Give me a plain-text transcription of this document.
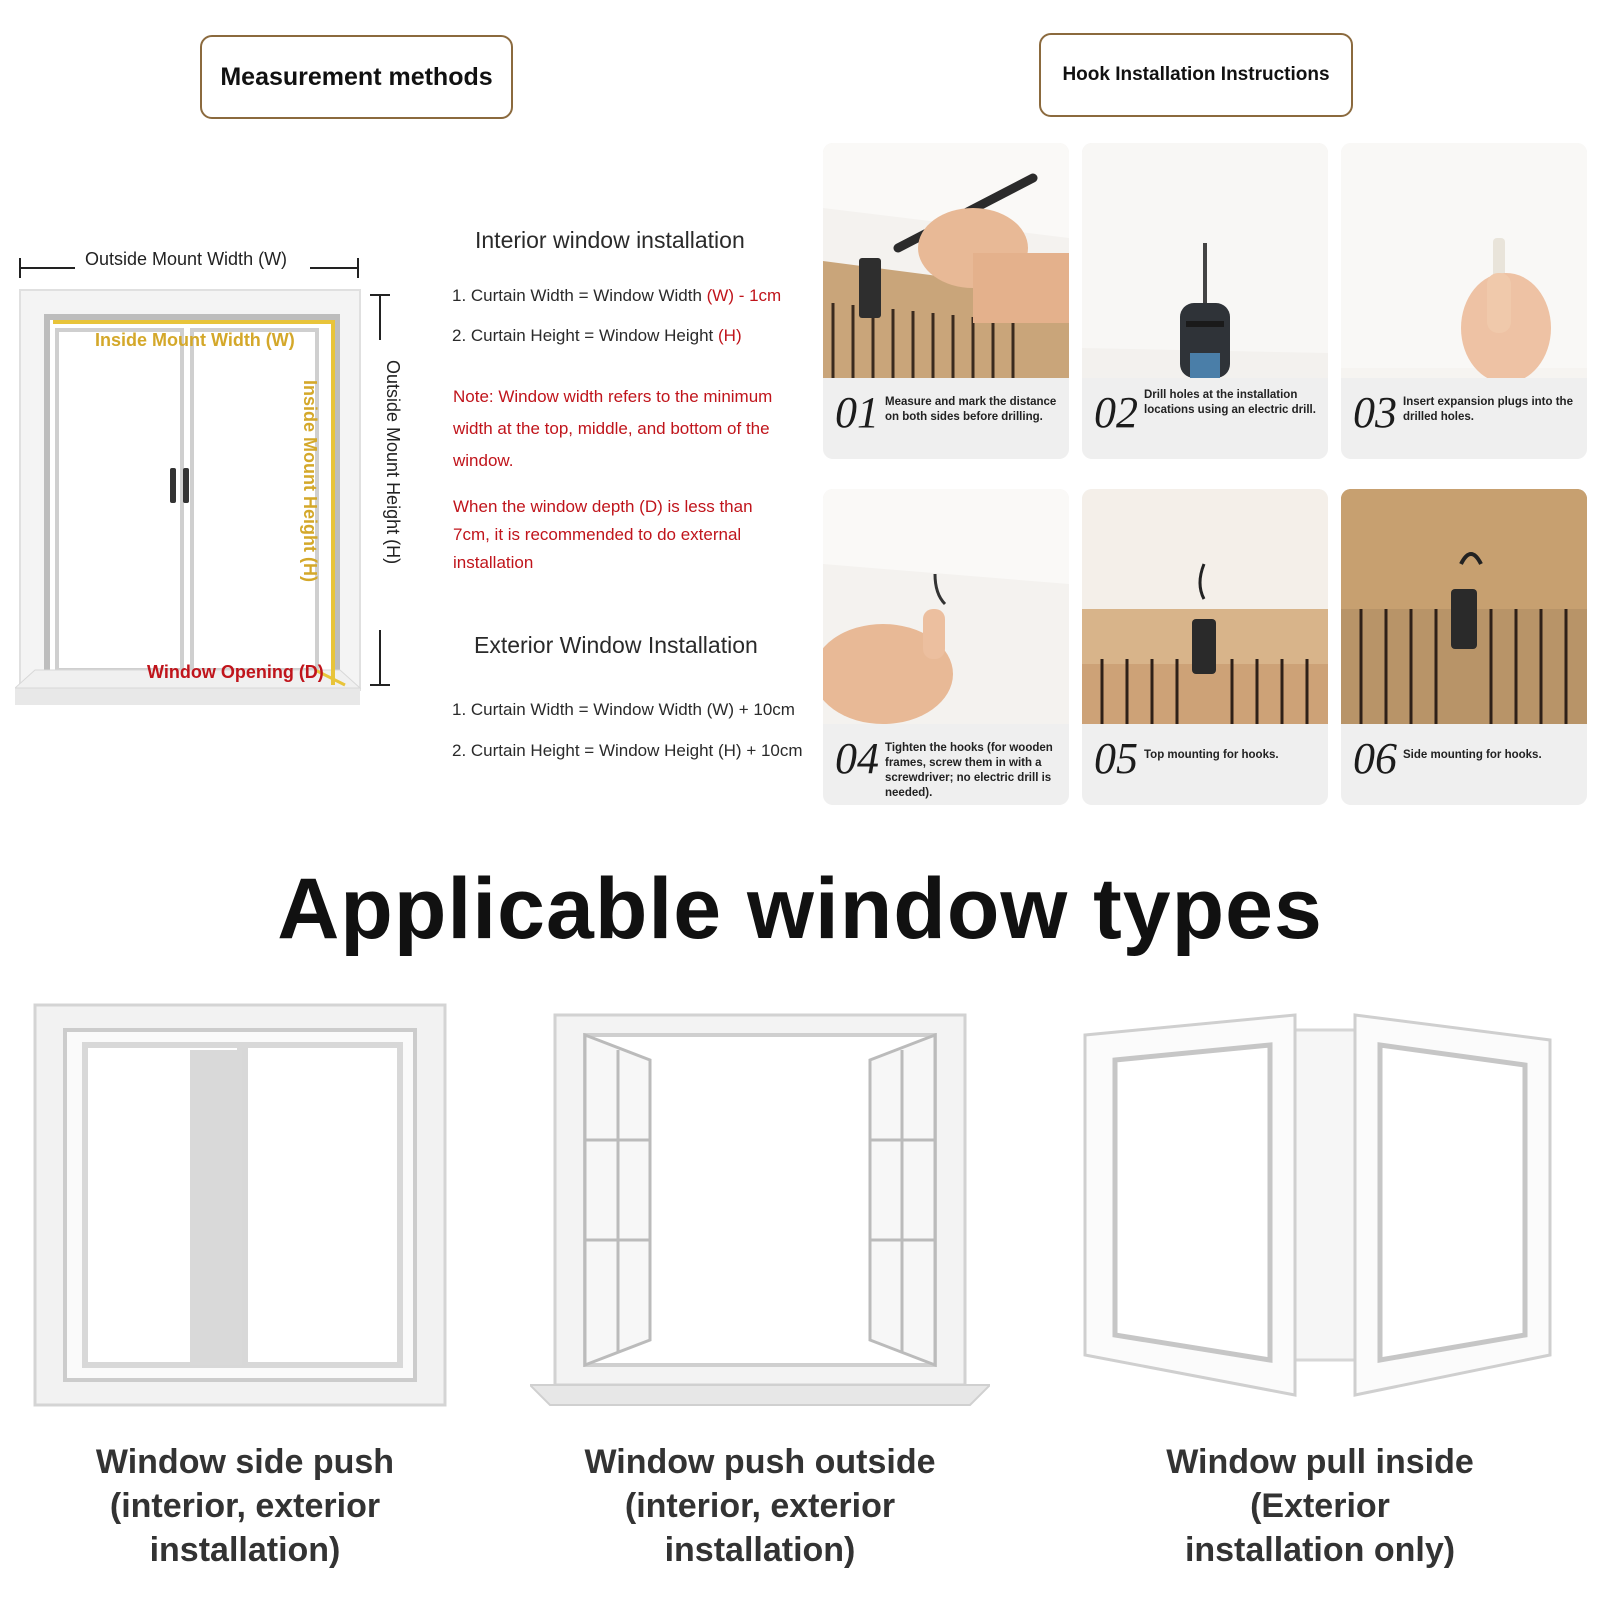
Measurement methods
Outside Mount Width (W)
Inside Mount Width (W)
Outside Mount Height (H)
Inside Mount Height (H)
Window Opening (D)
Interior window installation
1. Curtain Width = Window Width (W) - 1cm
2. Curtain Height = Window Height (H)
Note: Window width refers to the minimum width at the top, middle, and bottom of the window.
When the window depth (D) is less than 7cm, it is recommended to do external installation
Exterior Window Installation
1. Curtain Width = Window Width (W) + 10cm
2. Curtain Height = Window Height (H) + 10cm
Hook Installation Instructions
01 Measure and mark the distance on both sides before drilling.	02 Drill holes at the installation locations using an electric drill. 03 Insert expansion plugs into the drilled holes.
04 Tighten the hooks (for wooden frames, screw them in with a screwdriver; no electric drill is needed).
05 Top mounting for hooks.	06 Side mounting for hooks.
Applicable window types
Window side push
(interior, exterior
installation)
Window push outside
(interior, exterior
installation)
Window pull inside
(Exterior
installation only)
